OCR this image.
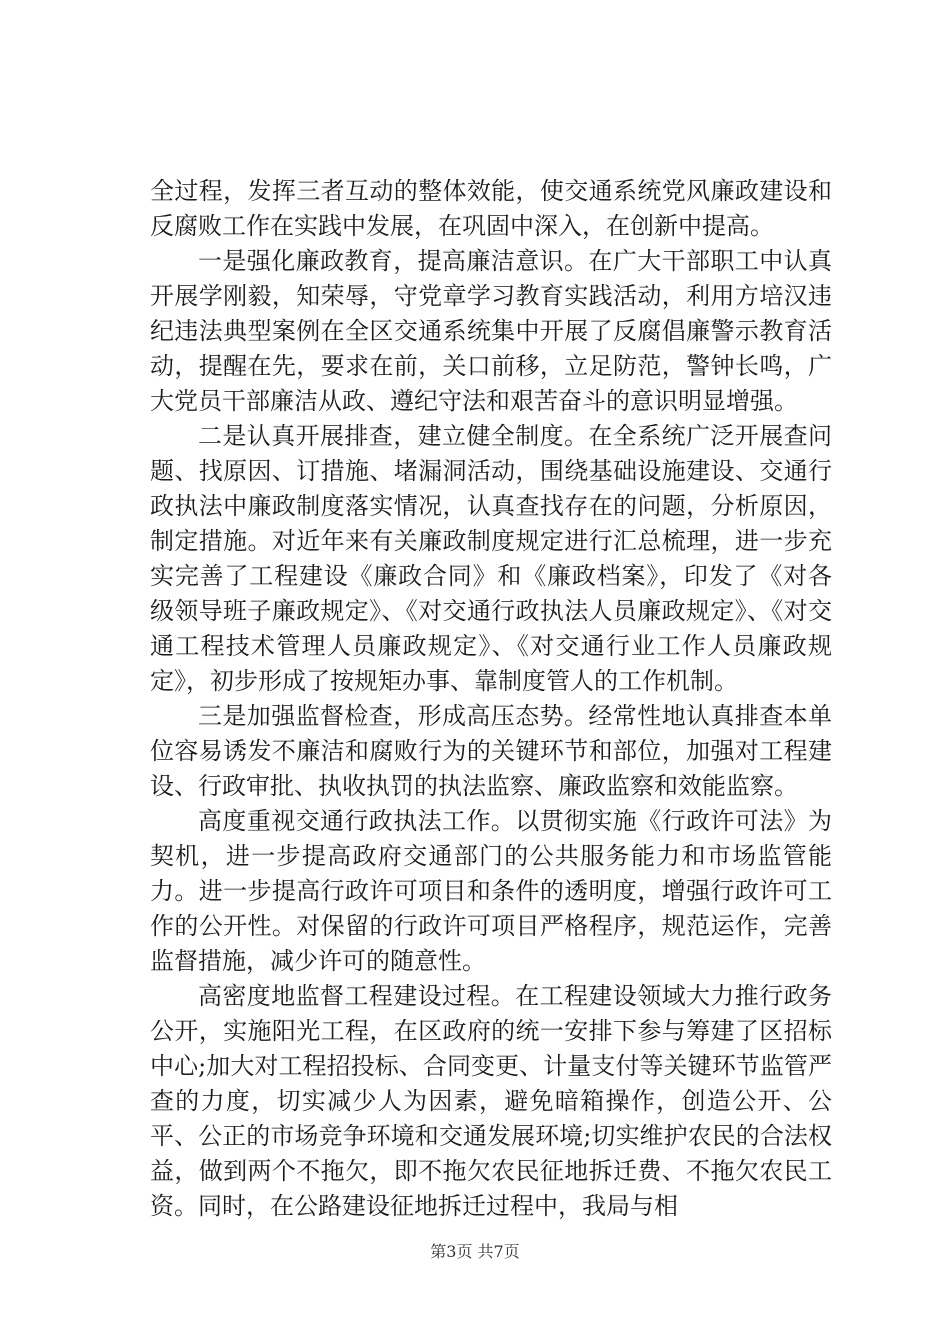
全过程，发挥三者互动的整体效能，使交通系统党风廉政建设和反腐败工作在实践中发展，在巩固中深入，在创新中提高。

一是强化廉政教育，提高廉洁意识。在广大干部职工中认真开展学刚毅，知荣辱，守党章学习教育实践活动，利用方培汉违纪违法典型案例在全区交通系统集中开展了反腐倡廉警示教育活动，提醒在先，要求在前，关口前移，立足防范，警钟长鸣，广大党员干部廉洁从政、遵纪守法和艰苦奋斗的意识明显增强。

二是认真开展排查，建立健全制度。在全系统广泛开展查问题、找原因、订措施、堵漏洞活动，围绕基础设施建设、交通行政执法中廉政制度落实情况，认真查找存在的问题，分析原因，制定措施。对近年来有关廉政制度规定进行汇总梳理，进一步充实完善了工程建设《廉政合同》和《廉政档案》，印发了《对各级领导班子廉政规定》、《对交通行政执法人员廉政规定》、《对交通工程技术管理人员廉政规定》、《对交通行业工作人员廉政规定》，初步形成了按规矩办事、靠制度管人的工作机制。

三是加强监督检查，形成高压态势。经常性地认真排查本单位容易诱发不廉洁和腐败行为的关键环节和部位，加强对工程建设、行政审批、执收执罚的执法监察、廉政监察和效能监察。

高度重视交通行政执法工作。以贯彻实施《行政许可法》为契机，进一步提高政府交通部门的公共服务能力和市场监管能力。进一步提高行政许可项目和条件的透明度，增强行政许可工作的公开性。对保留的行政许可项目严格程序，规范运作，完善监督措施，减少许可的随意性。

高密度地监督工程建设过程。在工程建设领域大力推行政务公开，实施阳光工程，在区政府的统一安排下参与筹建了区招标中心;加大对工程招投标、合同变更、计量支付等关键环节监管严查的力度，切实减少人为因素，避免暗箱操作，创造公开、公平、公正的市场竞争环境和交通发展环境;切实维护农民的合法权益，做到两个不拖欠，即不拖欠农民征地拆迁费、不拖欠农民工资。同时，在公路建设征地拆迁过程中，我局与相

第3页 共7页
